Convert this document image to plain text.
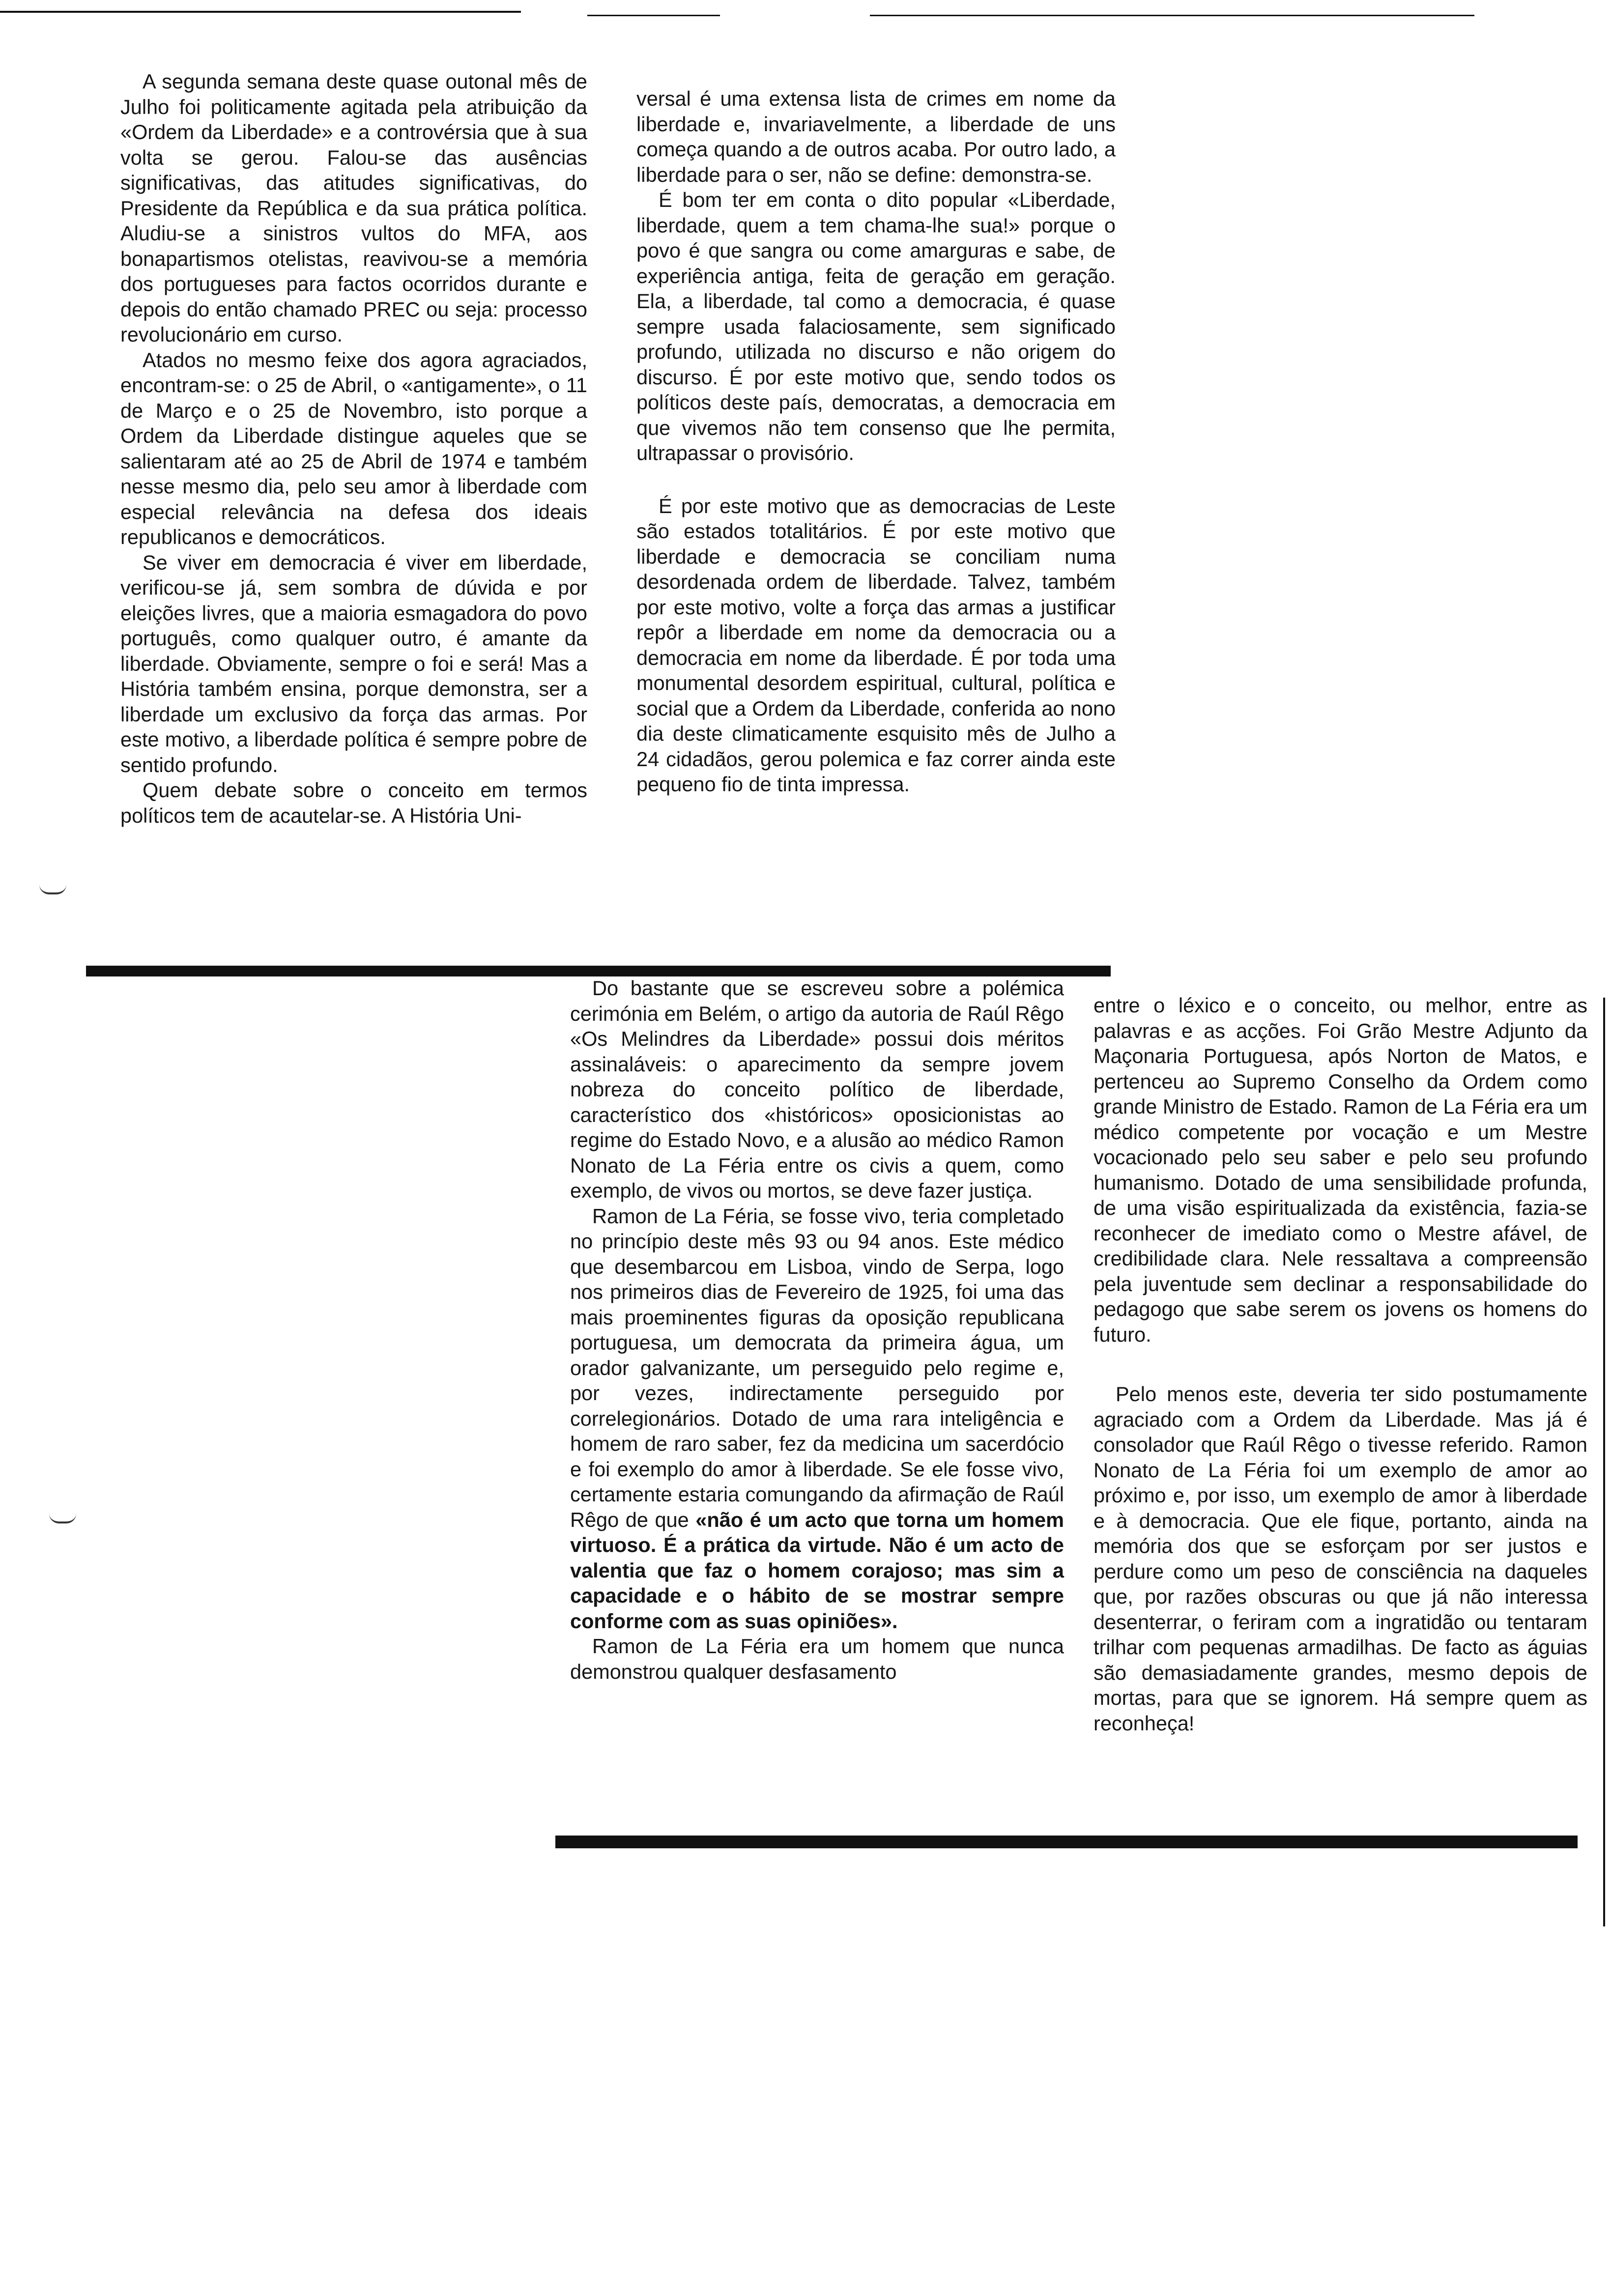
A segunda semana deste quase outonal mês de Julho foi politicamente agitada pela atribuição da «Ordem da Liberdade» e a controvérsia que à sua volta se gerou. Falou-se das ausências significativas, das atitudes significativas, do Presidente da República e da sua prática política. Aludiu-se a sinistros vultos do MFA, aos bonapartismos otelistas, reavivou-se a memória dos portugueses para factos ocorridos durante e depois do então chamado PREC ou seja: processo revolucionário em curso.

Atados no mesmo feixe dos agora agraciados, encontram-se: o 25 de Abril, o «antigamente», o 11 de Março e o 25 de Novembro, isto porque a Ordem da Liberdade distingue aqueles que se salientaram até ao 25 de Abril de 1974 e também nesse mesmo dia, pelo seu amor à liberdade com especial relevância na defesa dos ideais republicanos e democráticos.

Se viver em democracia é viver em liberdade, verificou-se já, sem sombra de dúvida e por eleições livres, que a maioria esmagadora do povo português, como qualquer outro, é amante da liberdade. Obviamente, sempre o foi e será! Mas a História também ensina, porque demonstra, ser a liberdade um exclusivo da força das armas. Por este motivo, a liberdade política é sempre pobre de sentido profundo.

Quem debate sobre o conceito em termos políticos tem de acautelar-se. A História Uni-

versal é uma extensa lista de crimes em nome da liberdade e, invariavelmente, a liberdade de uns começa quando a de outros acaba. Por outro lado, a liberdade para o ser, não se define: demonstra-se.

É bom ter em conta o dito popular «Liberdade, liberdade, quem a tem chama-lhe sua!» porque o povo é que sangra ou come amarguras e sabe, de experiência antiga, feita de geração em geração. Ela, a liberdade, tal como a democracia, é quase sempre usada falaciosamente, sem significado profundo, utilizada no discurso e não origem do discurso. É por este motivo que, sendo todos os políticos deste país, democratas, a democracia em que vivemos não tem consenso que lhe permita, ultrapassar o provisório.

É por este motivo que as democracias de Leste são estados totalitários. É por este motivo que liberdade e democracia se conciliam numa desordenada ordem de liberdade. Talvez, também por este motivo, volte a força das armas a justificar repôr a liberdade em nome da democracia ou a democracia em nome da liberdade. É por toda uma monumental desordem espiritual, cultural, política e social que a Ordem da Liberdade, conferida ao nono dia deste climaticamente esquisito mês de Julho a 24 cidadãos, gerou polemica e faz correr ainda este pequeno fio de tinta impressa.

Do bastante que se escreveu sobre a polémica cerimónia em Belém, o artigo da autoria de Raúl Rêgo «Os Melindres da Liberdade» possui dois méritos assinaláveis: o aparecimento da sempre jovem nobreza do conceito político de liberdade, característico dos «históricos» oposicionistas ao regime do Estado Novo, e a alusão ao médico Ramon Nonato de La Féria entre os civis a quem, como exemplo, de vivos ou mortos, se deve fazer justiça.

Ramon de La Féria, se fosse vivo, teria completado no princípio deste mês 93 ou 94 anos. Este médico que desembarcou em Lisboa, vindo de Serpa, logo nos primeiros dias de Fevereiro de 1925, foi uma das mais proeminentes figuras da oposição republicana portuguesa, um democrata da primeira água, um orador galvanizante, um perseguido pelo regime e, por vezes, indirectamente perseguido por correlegionários. Dotado de uma rara inteligência e homem de raro saber, fez da medicina um sacerdócio e foi exemplo do amor à liberdade. Se ele fosse vivo, certamente estaria comungando da afirmação de Raúl Rêgo de que «não é um acto que torna um homem virtuoso. É a prática da virtude. Não é um acto de valentia que faz o homem corajoso; mas sim a capacidade e o hábito de se mostrar sempre conforme com as suas opiniões».

Ramon de La Féria era um homem que nunca demonstrou qualquer desfasamento

entre o léxico e o conceito, ou melhor, entre as palavras e as acções. Foi Grão Mestre Adjunto da Maçonaria Portuguesa, após Norton de Matos, e pertenceu ao Supremo Conselho da Ordem como grande Ministro de Estado. Ramon de La Féria era um médico competente por vocação e um Mestre vocacionado pelo seu saber e pelo seu profundo humanismo. Dotado de uma sensibilidade profunda, de uma visão espiritualizada da existência, fazia-se reconhecer de imediato como o Mestre afável, de credibilidade clara. Nele ressaltava a compreensão pela juventude sem declinar a responsabilidade do pedagogo que sabe serem os jovens os homens do futuro.

Pelo menos este, deveria ter sido postumamente agraciado com a Ordem da Liberdade. Mas já é consolador que Raúl Rêgo o tivesse referido. Ramon Nonato de La Féria foi um exemplo de amor ao próximo e, por isso, um exemplo de amor à liberdade e à democracia. Que ele fique, portanto, ainda na memória dos que se esforçam por ser justos e perdure como um peso de consciência na daqueles que, por razões obscuras ou que já não interessa desenterrar, o feriram com a ingratidão ou tentaram trilhar com pequenas armadilhas. De facto as águias são demasiadamente grandes, mesmo depois de mortas, para que se ignorem. Há sempre quem as reconheça!
